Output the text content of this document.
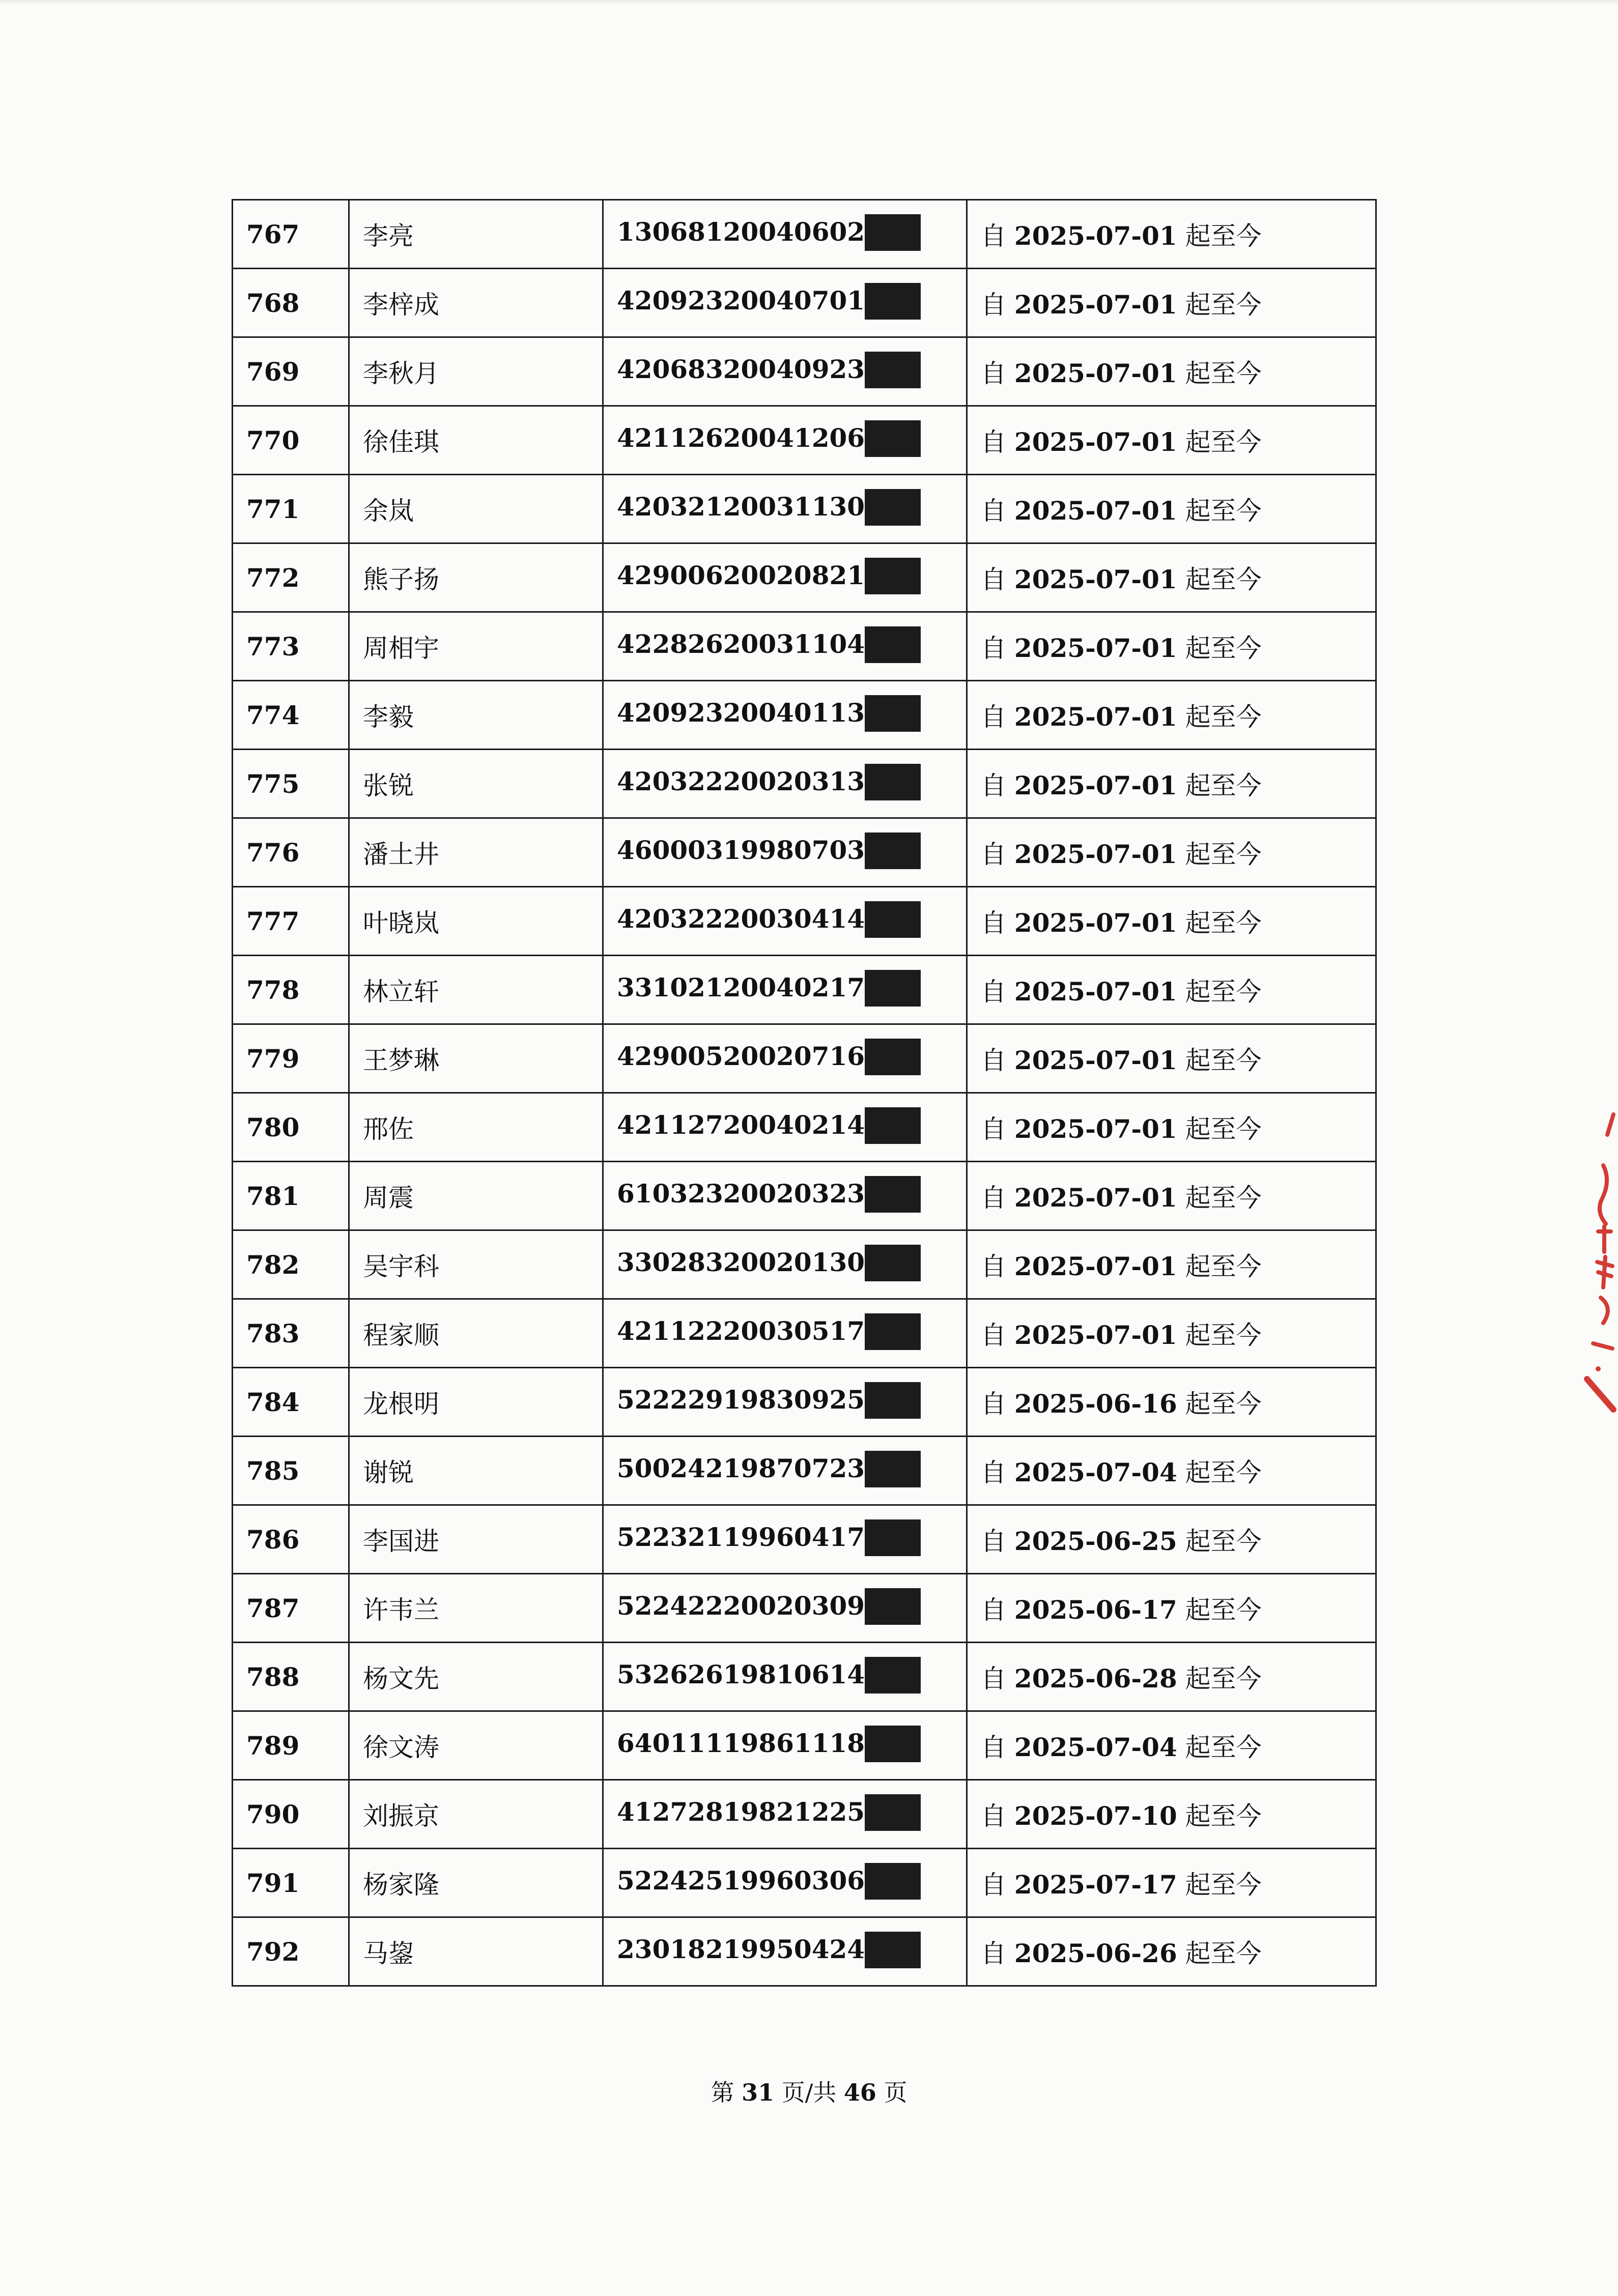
767	李亮	13068120040602	自 2025-07-01 起至今
768	李梓成	42092320040701	自 2025-07-01 起至今
769	李秋月	42068320040923	自 2025-07-01 起至今
770	徐佳琪	42112620041206	自 2025-07-01 起至今
771	余岚	42032120031130	自 2025-07-01 起至今
772	熊子扬	42900620020821	自 2025-07-01 起至今
773	周相宇	42282620031104	自 2025-07-01 起至今
774	李毅	42092320040113	自 2025-07-01 起至今
775	张锐	42032220020313	自 2025-07-01 起至今
776	潘土井	46000319980703	自 2025-07-01 起至今
777	叶晓岚	42032220030414	自 2025-07-01 起至今
778	林立轩	33102120040217	自 2025-07-01 起至今
779	王梦琳	42900520020716	自 2025-07-01 起至今
780	邢佐	42112720040214	自 2025-07-01 起至今
781	周震	61032320020323	自 2025-07-01 起至今
782	吴宇科	33028320020130	自 2025-07-01 起至今
783	程家顺	42112220030517	自 2025-07-01 起至今
784	龙根明	52222919830925	自 2025-06-16 起至今
785	谢锐	50024219870723	自 2025-07-04 起至今
786	李国进	52232119960417	自 2025-06-25 起至今
787	许韦兰	52242220020309	自 2025-06-17 起至今
788	杨文先	53262619810614	自 2025-06-28 起至今
789	徐文涛	64011119861118	自 2025-07-04 起至今
790	刘振京	41272819821225	自 2025-07-10 起至今
791	杨家隆	52242519960306	自 2025-07-17 起至今
792	马鋆	23018219950424	自 2025-06-26 起至今
第 31 页/共 46 页
